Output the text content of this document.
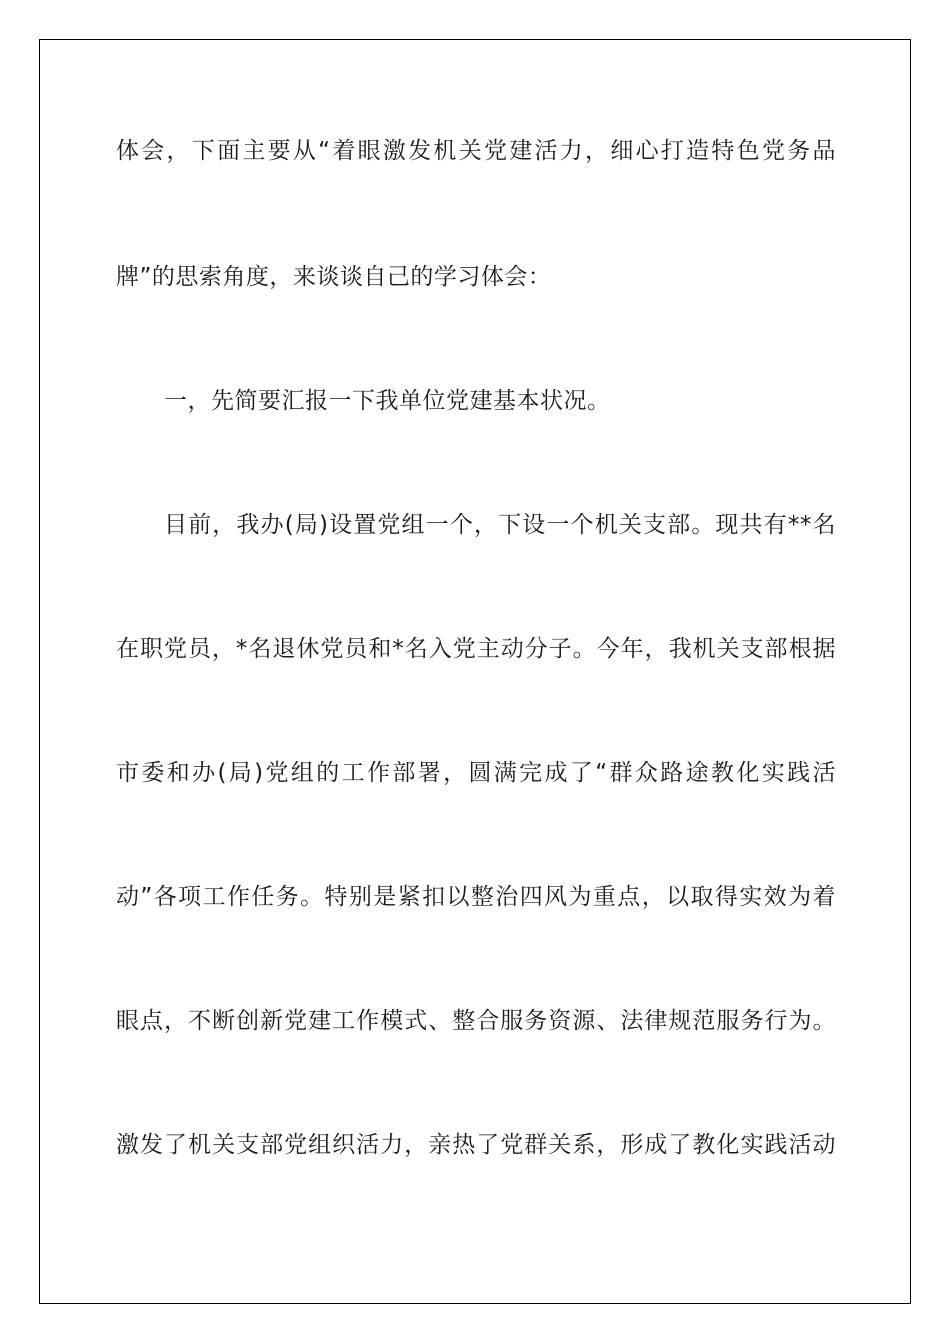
体会，下面主要从“着眼激发机关党建活力，细心打造特色党务品
牌”的思索角度，来谈谈自己的学习体会：
一，先简要汇报一下我单位党建基本状况。
目前，我办(局)设置党组一个，下设一个机关支部。现共有**名
在职党员，*名退休党员和*名入党主动分子。今年，我机关支部根据
市委和办(局)党组的工作部署，圆满完成了“群众路途教化实践活
动”各项工作任务。特别是紧扣以整治四风为重点，以取得实效为着
眼点，不断创新党建工作模式、整合服务资源、法律规范服务行为。
激发了机关支部党组织活力，亲热了党群关系，形成了教化实践活动
